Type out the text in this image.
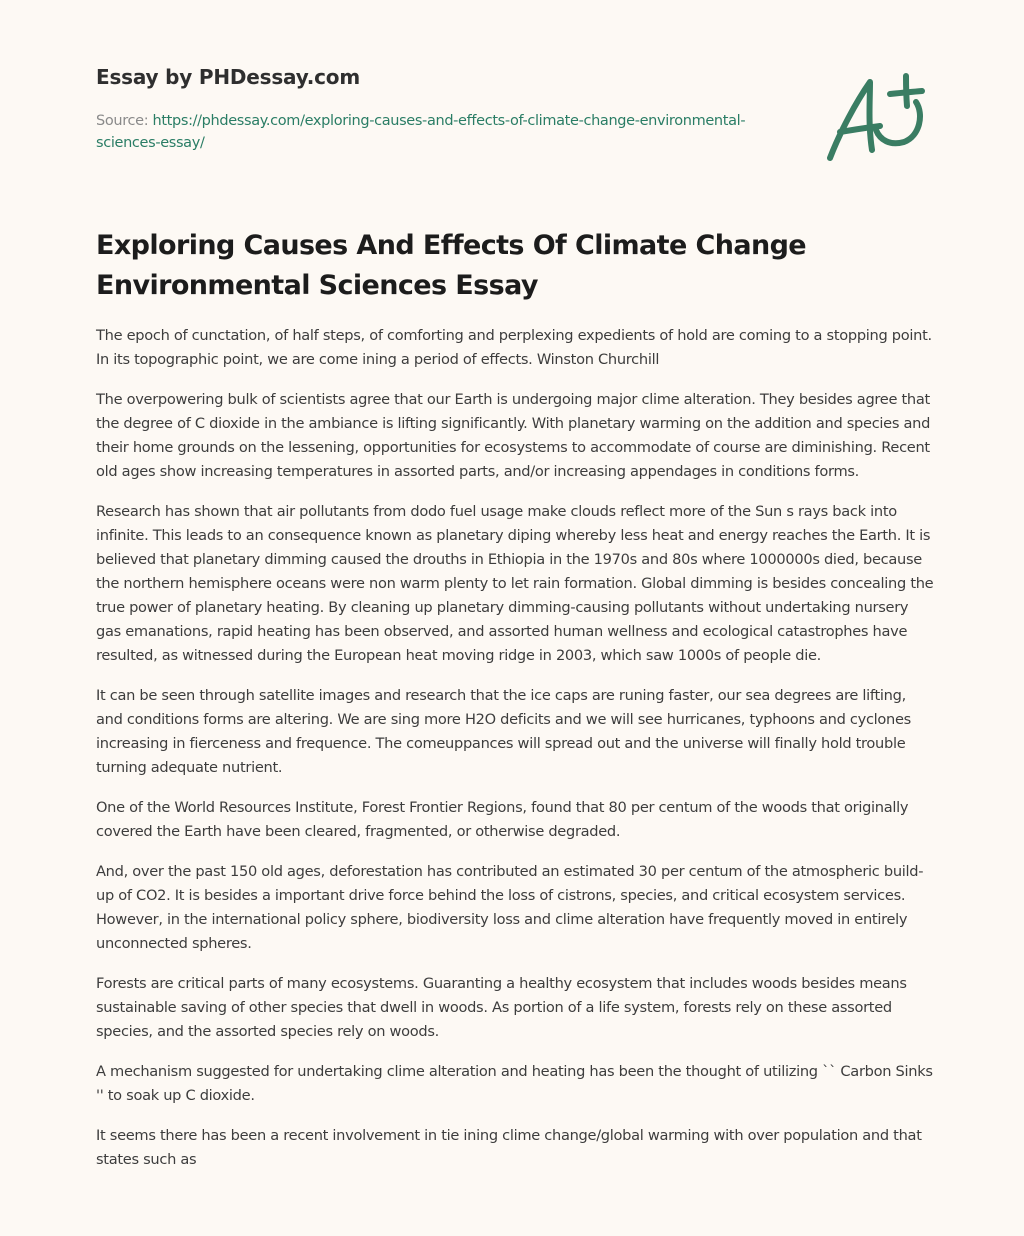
Essay by PHDessay.com
Source: https://phdessay.com/exploring-causes-and-effects-of-climate-change-environmental-sciences-essay/
Exploring Causes And Effects Of Climate Change Environmental Sciences Essay

The epoch of cunctation, of half steps, of comforting and perplexing expedients of hold are coming to a stopping point. In its topographic point, we are come ining a period of effects. Winston Churchill

The overpowering bulk of scientists agree that our Earth is undergoing major clime alteration. They besides agree that the degree of C dioxide in the ambiance is lifting significantly. With planetary warming on the addition and species and their home grounds on the lessening, opportunities for ecosystems to accommodate of course are diminishing. Recent old ages show increasing temperatures in assorted parts, and/or increasing appendages in conditions forms.

Research has shown that air pollutants from dodo fuel usage make clouds reflect more of the Sun s rays back into infinite. This leads to an consequence known as planetary diping whereby less heat and energy reaches the Earth. It is believed that planetary dimming caused the drouths in Ethiopia in the 1970s and 80s where 1000000s died, because the northern hemisphere oceans were non warm plenty to let rain formation. Global dimming is besides concealing the true power of planetary heating. By cleaning up planetary dimming-causing pollutants without undertaking nursery gas emanations, rapid heating has been observed, and assorted human wellness and ecological catastrophes have resulted, as witnessed during the European heat moving ridge in 2003, which saw 1000s of people die.

It can be seen through satellite images and research that the ice caps are runing faster, our sea degrees are lifting, and conditions forms are altering. We are sing more H2O deficits and we will see hurricanes, typhoons and cyclones increasing in fierceness and frequence. The comeuppances will spread out and the universe will finally hold trouble turning adequate nutrient.

One of the World Resources Institute, Forest Frontier Regions, found that 80 per centum of the woods that originally covered the Earth have been cleared, fragmented, or otherwise degraded.

And, over the past 150 old ages, deforestation has contributed an estimated 30 per centum of the atmospheric build-up of CO2. It is besides a important drive force behind the loss of cistrons, species, and critical ecosystem services. However, in the international policy sphere, biodiversity loss and clime alteration have frequently moved in entirely unconnected spheres.

Forests are critical parts of many ecosystems. Guaranting a healthy ecosystem that includes woods besides means sustainable saving of other species that dwell in woods. As portion of a life system, forests rely on these assorted species, and the assorted species rely on woods.

A mechanism suggested for undertaking clime alteration and heating has been the thought of utilizing `` Carbon Sinks '' to soak up C dioxide.

It seems there has been a recent involvement in tie ining clime change/global warming with over population and that states such as
